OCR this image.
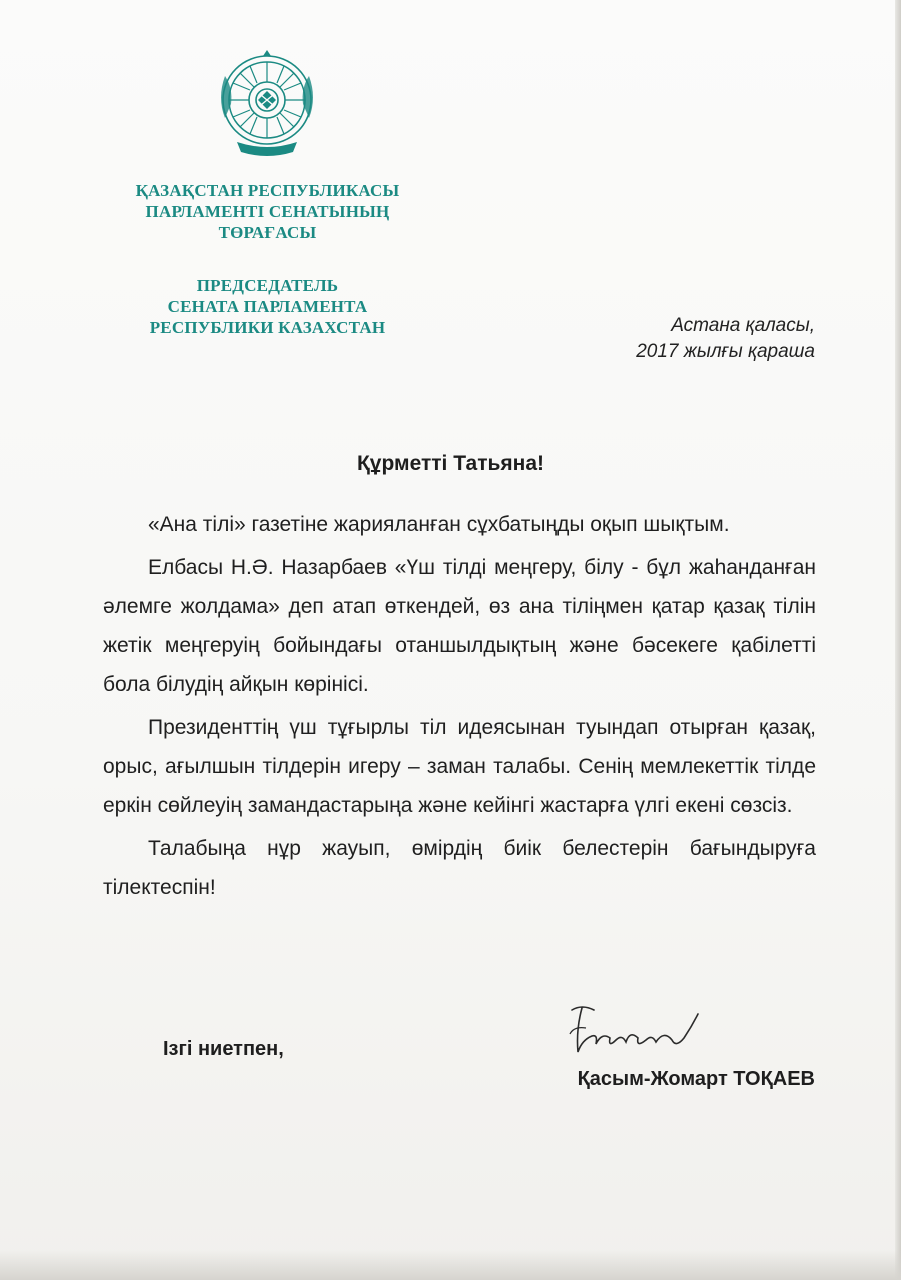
ҚАЗАҚСТАН РЕСПУБЛИКАСЫ
ПАРЛАМЕНТІ СЕНАТЫНЫҢ
ТӨРАҒАСЫ
ПРЕДСЕДАТЕЛЬ
СЕНАТА ПАРЛАМЕНТА
РЕСПУБЛИКИ КАЗАХСТАН	Астана қаласы,
2017 жылғы қараша
Құрметті Татьяна!

«Ана тілі» газетіне жарияланған сұхбатыңды оқып шықтым.

Елбасы Н.Ә. Назарбаев «Үш тілді меңгеру, білу - бұл жаһанданған әлемге жолдама» деп атап өткендей, өз ана тіліңмен қатар қазақ тілін жетік меңгеруің бойындағы отаншылдықтың және бәсекеге қабілетті бола білудің айқын көрінісі.

Президенттің үш тұғырлы тіл идеясынан туындап отырған қазақ, орыс, ағылшын тілдерін игеру – заман талабы. Сенің мемлекеттік тілде еркін сөйлеуің замандастарыңа және кейінгі жастарға үлгі екені сөзсіз.

Талабыңа нұр жауып, өмірдің биік белестерін бағындыруға тілектеспін!

Ізгі ниетпен,
Қасым-Жомарт ТОҚАЕВ
